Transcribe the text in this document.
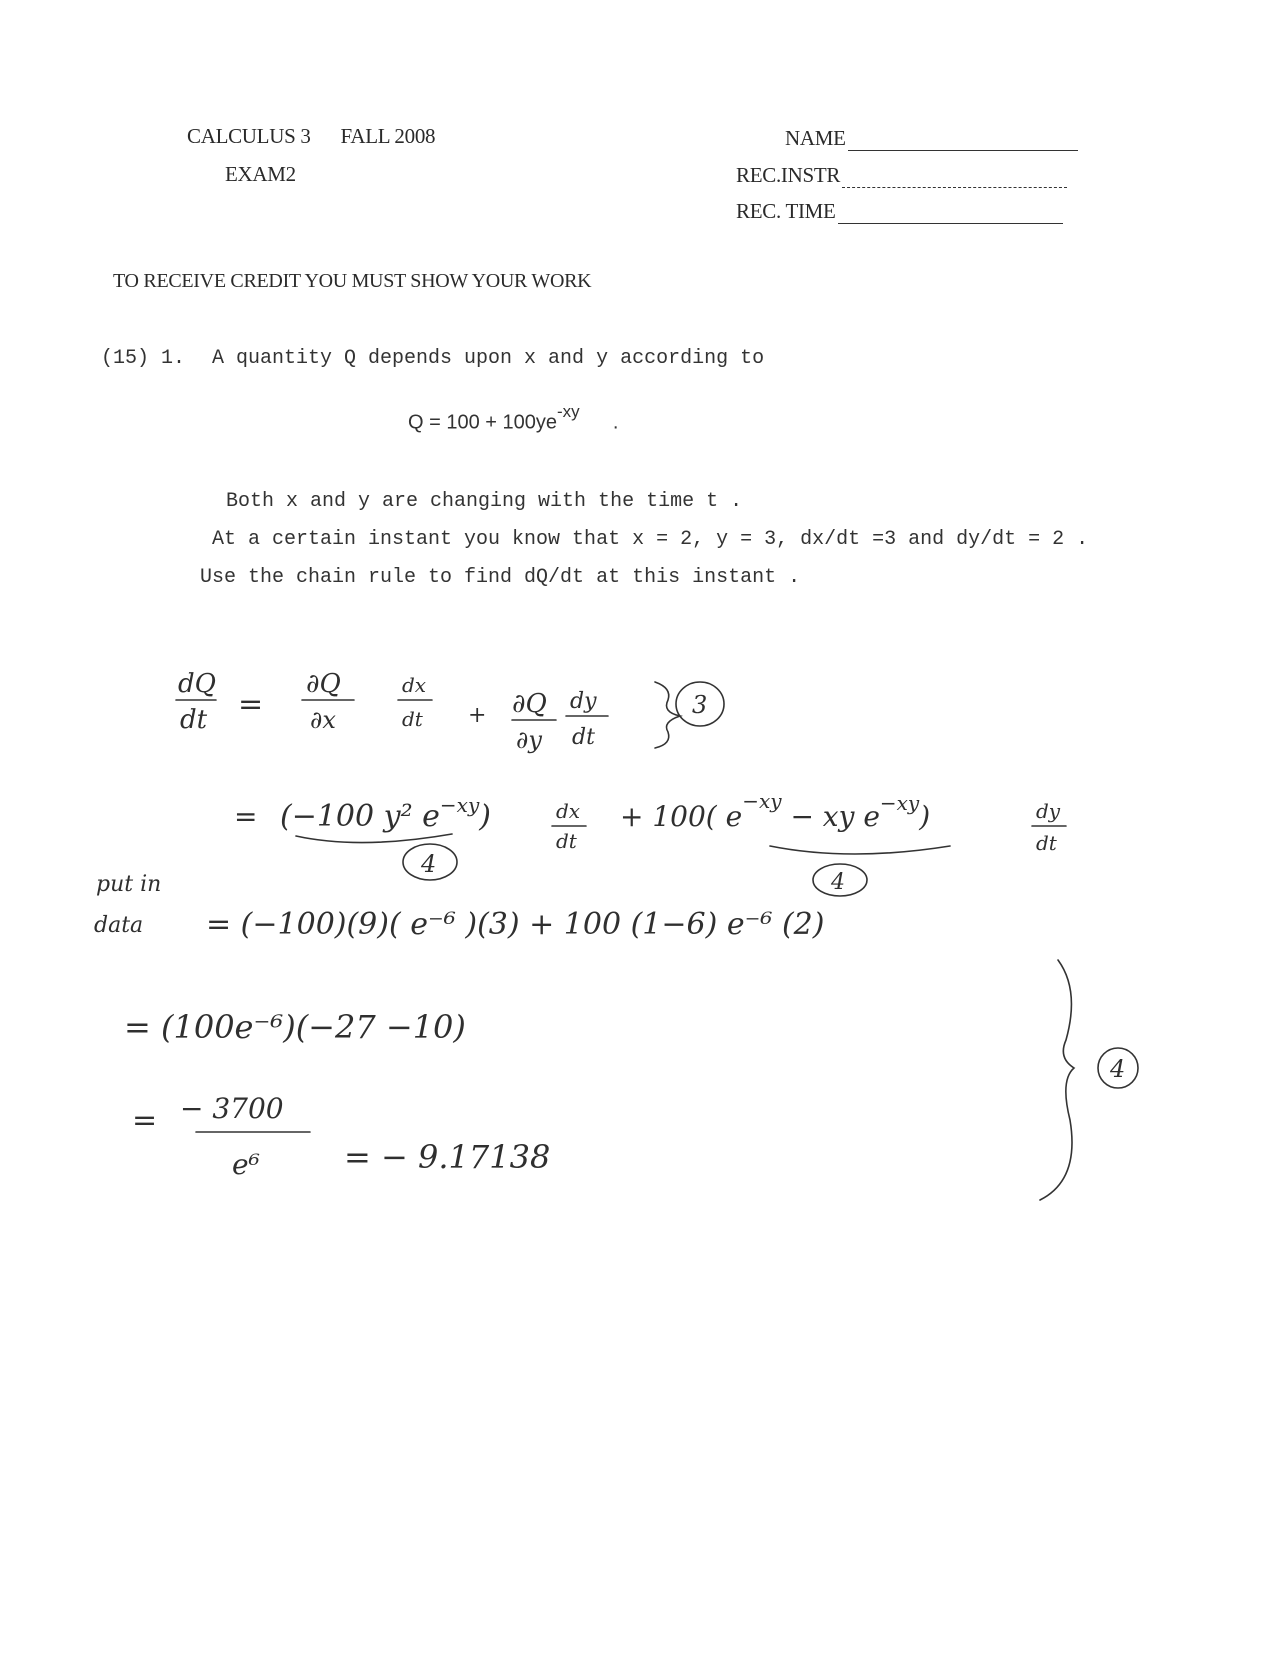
CALCULUS 3 FALL 2008
EXAM2
NAME
REC.INSTR
REC. TIME
TO RECEIVE CREDIT YOU MUST SHOW YOUR WORK
(15) 1. A quantity Q depends upon x and y according to
$Q = 100 + 100ye^{-xy}$  .
Both x and y are changing with the time t .
At a certain instant you know that x = 2, y = 3, dx/dt =3 and dy/dt = 2 .
Use the chain rule to find dQ/dt at this instant .
dQ
dt =
∂Q
∂x
dx
dt + ∂Q
∂y
dy
dt
3
= (−100 y² $e^{-xy}$)
4
dx
dt
+ 100( $e^{-xy}$ − xy $e^{-xy}$)
4
dy
dt
put in
data = (−100)(9)( e⁻⁶ )(3) + 100 (1−6) e⁻⁶ (2)
= (100e⁻⁶)(−27 −10)
= − 3700
e⁶	= − 9.17138
4
